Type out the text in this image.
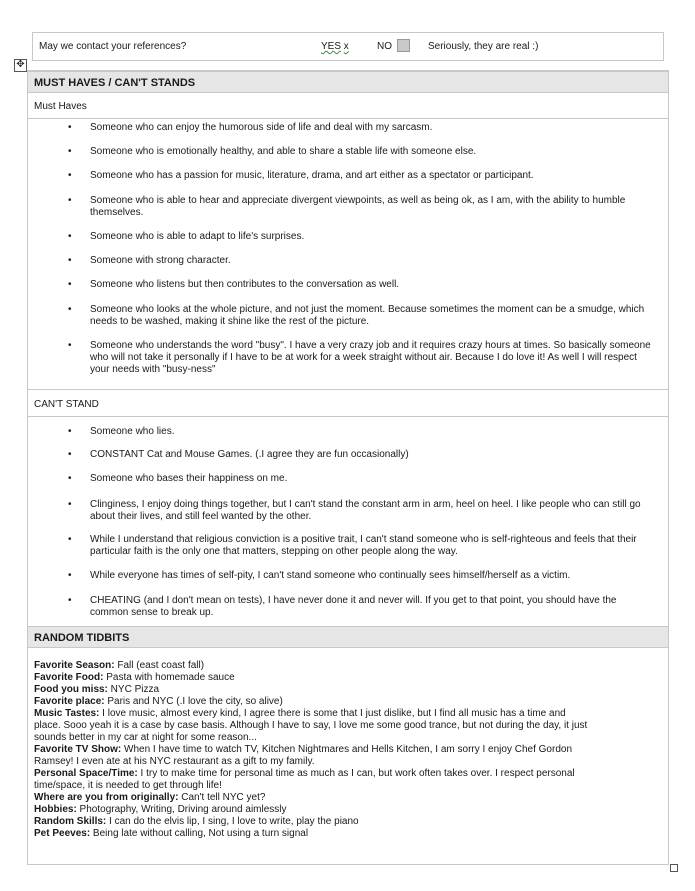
May we contact your references?	YES x	NO	Seriously, they are real :)
✥
MUST HAVES / CAN'T STANDS
Must Haves
• Someone who can enjoy the humorous side of life and deal with my sarcasm.
• Someone who is emotionally healthy, and able to share a stable life with someone else.
• Someone who has a passion for music, literature, drama, and art either as a spectator or participant.
• Someone who is able to hear and appreciate divergent viewpoints, as well as being ok, as I am, with the ability to humble themselves.
• Someone who is able to adapt to life's surprises.
• Someone with strong character.
• Someone who listens but then contributes to the conversation as well.
• Someone who looks at the whole picture, and not just the moment. Because sometimes the moment can be a smudge, which needs to be washed, making it shine like the rest of the picture.
• Someone who understands the word "busy". I have a very crazy job and it requires crazy hours at times. So basically someone who will not take it personally if I have to be at work for a week straight without air. Because I do love it! As well I will respect your needs with "busy-ness"
CAN'T STAND
• Someone who lies.
• CONSTANT Cat and Mouse Games. (.I agree they are fun occasionally)
• Someone who bases their happiness on me.
• Clinginess, I enjoy doing things together, but I can't stand the constant arm in arm, heel on heel. I like people who can still go about their lives, and still feel wanted by the other.
• While I understand that religious conviction is a positive trait, I can't stand someone who is self-righteous and feels that their particular faith is the only one that matters, stepping on other people along the way.
• While everyone has times of self-pity, I can't stand someone who continually sees himself/herself as a victim.
• CHEATING (and I don't mean on tests), I have never done it and never will. If you get to that point, you should have the common sense to break up.
RANDOM TIDBITS
Favorite Season: Fall (east coast fall)
Favorite Food: Pasta with homemade sauce
Food you miss: NYC Pizza
Favorite place: Paris and NYC (.I love the city, so alive)
Music Tastes: I love music, almost every kind, I agree there is some that I just dislike, but I find all music has a time and
place. Sooo yeah it is a case by case basis. Although I have to say, I love me some good trance, but not during the day, it just
sounds better in my car at night for some reason...
Favorite TV Show: When I have time to watch TV, Kitchen Nightmares and Hells Kitchen, I am sorry I enjoy Chef Gordon
Ramsey! I even ate at his NYC restaurant as a gift to my family.
Personal Space/Time: I try to make time for personal time as much as I can, but work often takes over. I respect personal
time/space, it is needed to get through life!
Where are you from originally: Can't tell NYC yet?
Hobbies: Photography, Writing, Driving around aimlessly
Random Skills: I can do the elvis lip, I sing, I love to write, play the piano
Pet Peeves: Being late without calling, Not using a turn signal
